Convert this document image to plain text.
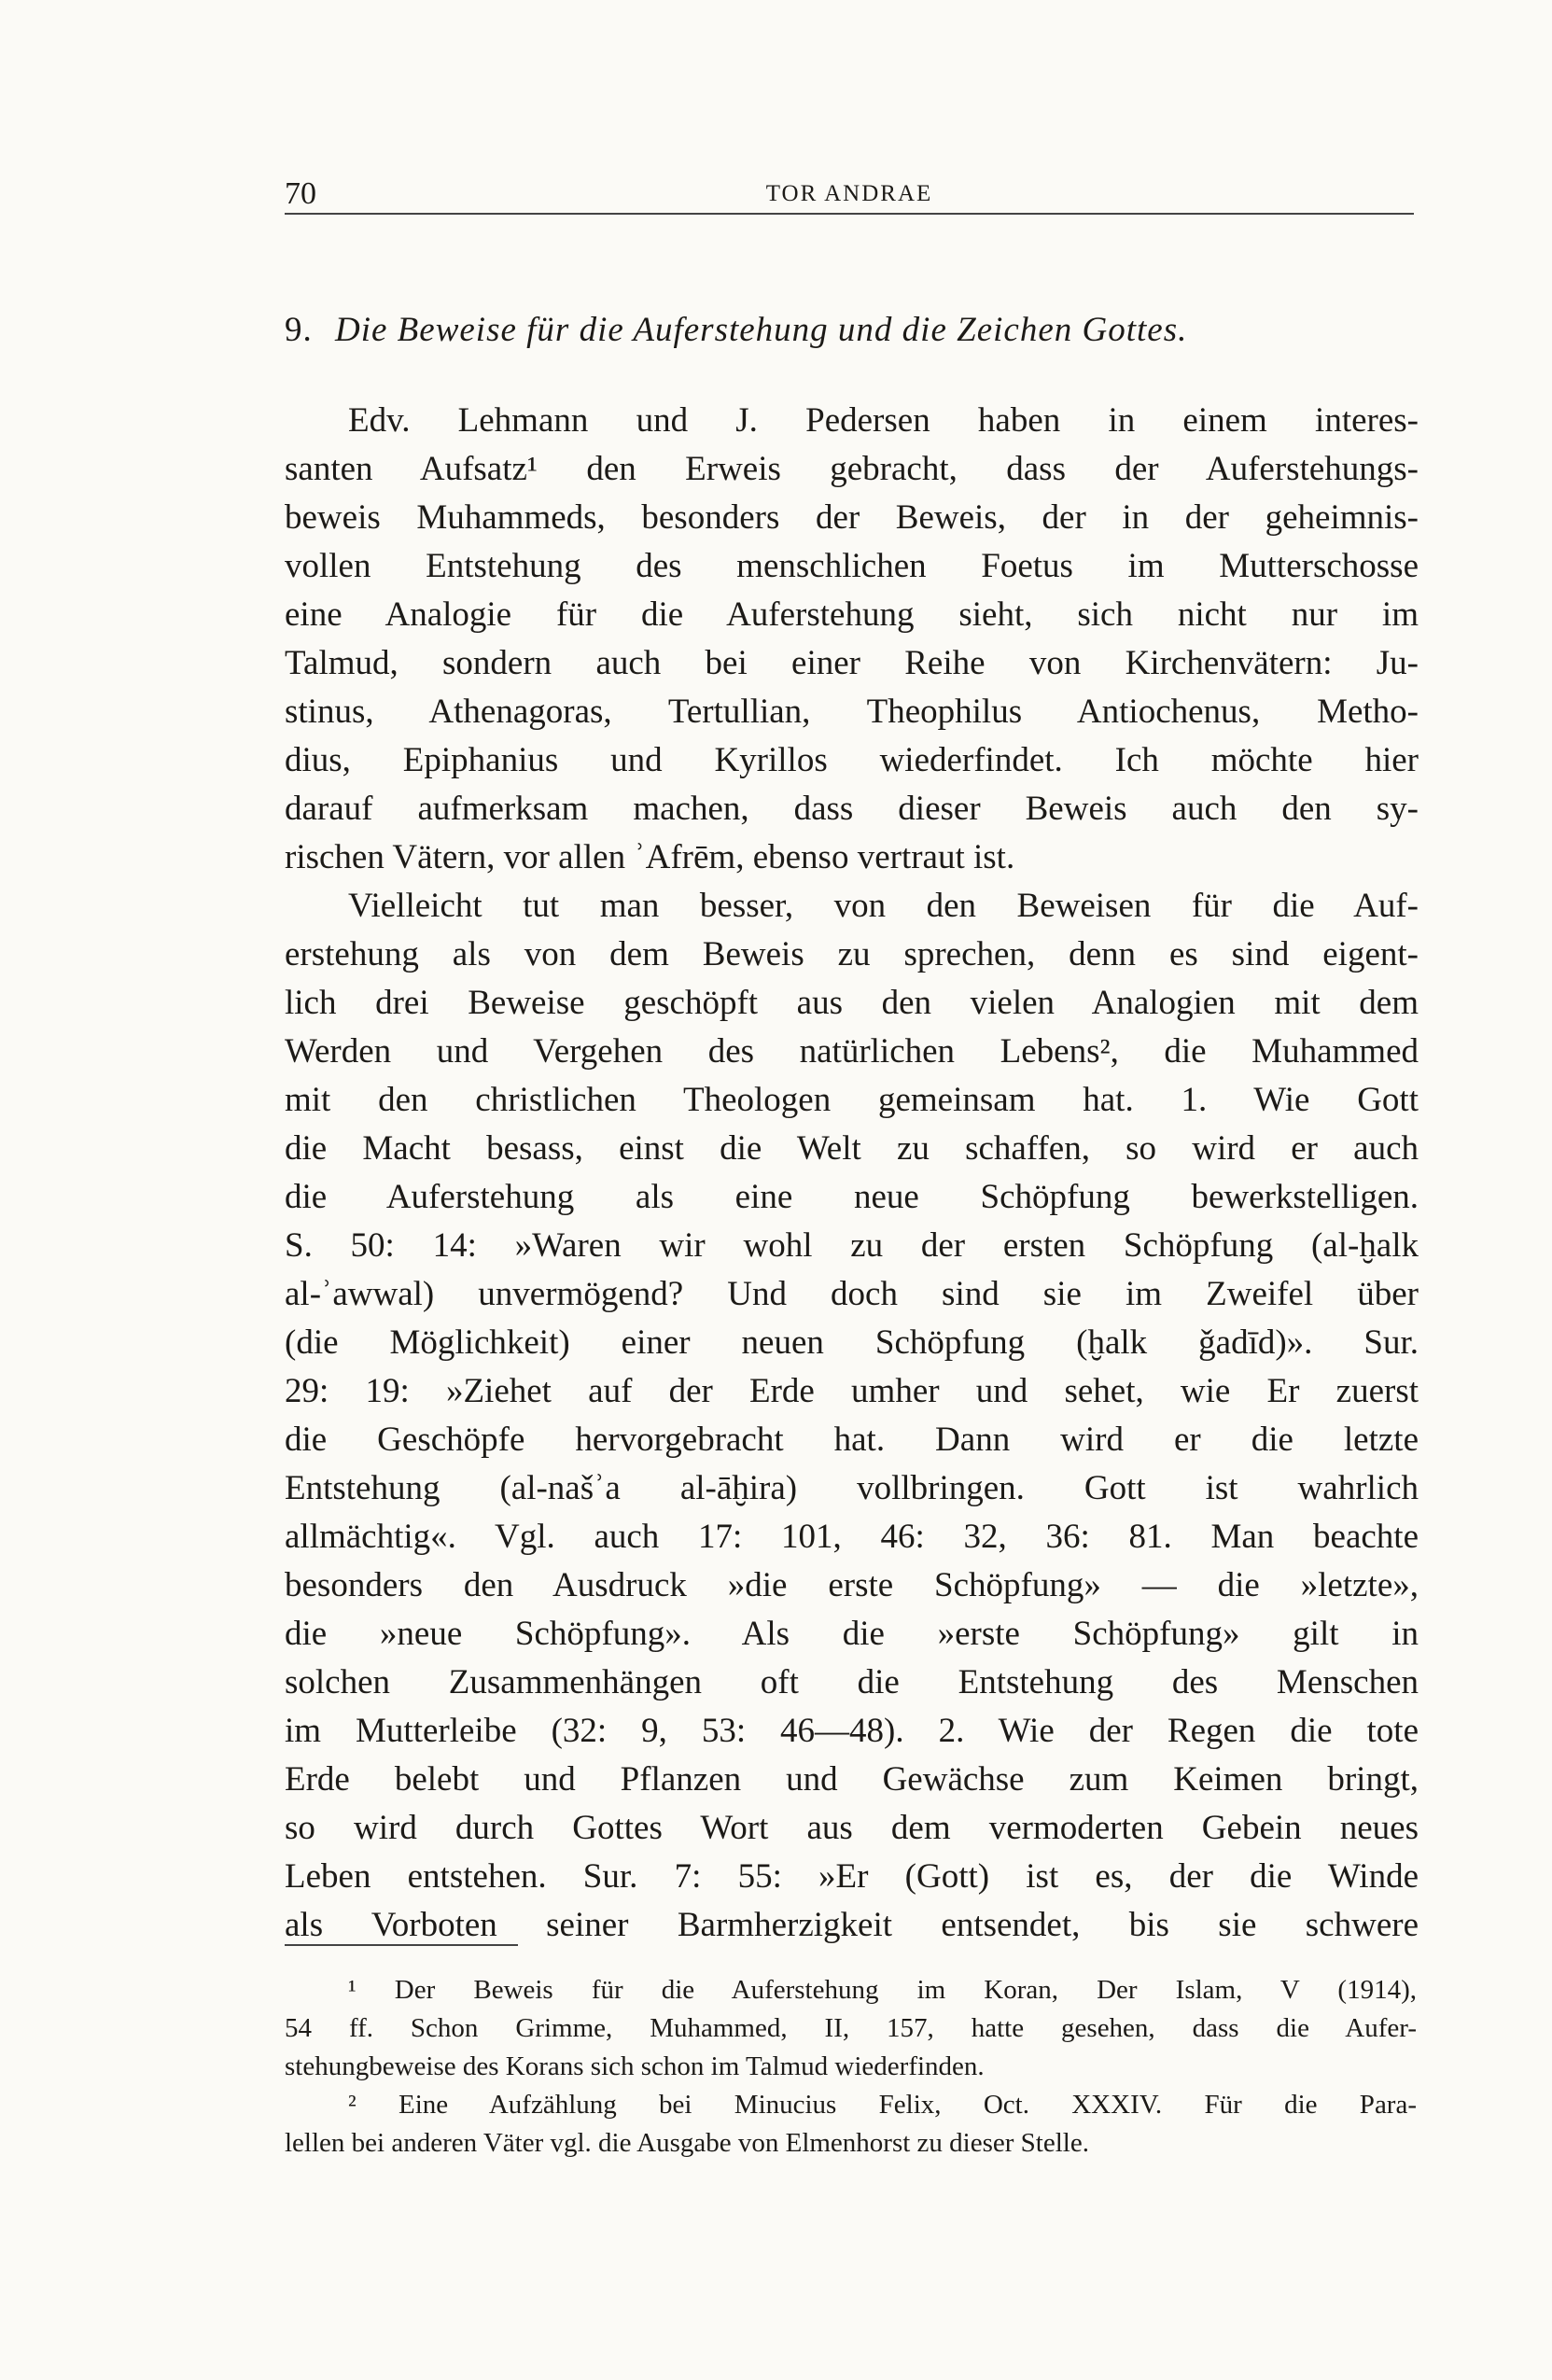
70	TOR ANDRAE
9. Die Beweise für die Auferstehung und die Zeichen Gottes.
Edv. Lehmann und J. Pedersen haben in einem interes-
santen Aufsatz¹ den Erweis gebracht, dass der Auferstehungs-
beweis Muhammeds, besonders der Beweis, der in der geheimnis-
vollen Entstehung des menschlichen Foetus im Mutterschosse
eine Analogie für die Auferstehung sieht, sich nicht nur im
Talmud, sondern auch bei einer Reihe von Kirchenvätern: Ju-
stinus, Athenagoras, Tertullian, Theophilus Antiochenus, Metho-
dius, Epiphanius und Kyrillos wiederfindet. Ich möchte hier
darauf aufmerksam machen, dass dieser Beweis auch den sy-
rischen Vätern, vor allen ʾAfrēm, ebenso vertraut ist.
Vielleicht tut man besser, von den Beweisen für die Auf-
erstehung als von dem Beweis zu sprechen, denn es sind eigent-
lich drei Beweise geschöpft aus den vielen Analogien mit dem
Werden und Vergehen des natürlichen Lebens², die Muhammed
mit den christlichen Theologen gemeinsam hat. 1. Wie Gott
die Macht besass, einst die Welt zu schaffen, so wird er auch
die Auferstehung als eine neue Schöpfung bewerkstelligen.
S. 50: 14: »Waren wir wohl zu der ersten Schöpfung (al-ḫalk
al-ʾawwal) unvermögend? Und doch sind sie im Zweifel über
(die Möglichkeit) einer neuen Schöpfung (ḫalk ǧadīd)». Sur.
29: 19: »Ziehet auf der Erde umher und sehet, wie Er zuerst
die Geschöpfe hervorgebracht hat. Dann wird er die letzte
Entstehung (al-našʾa al-āḫira) vollbringen. Gott ist wahrlich
allmächtig«. Vgl. auch 17: 101, 46: 32, 36: 81. Man beachte
besonders den Ausdruck »die erste Schöpfung» — die »letzte»,
die »neue Schöpfung». Als die »erste Schöpfung» gilt in
solchen Zusammenhängen oft die Entstehung des Menschen
im Mutterleibe (32: 9, 53: 46—48). 2. Wie der Regen die tote
Erde belebt und Pflanzen und Gewächse zum Keimen bringt,
so wird durch Gottes Wort aus dem vermoderten Gebein neues
Leben entstehen. Sur. 7: 55: »Er (Gott) ist es, der die Winde
als Vorboten seiner Barmherzigkeit entsendet, bis sie schwere
¹ Der Beweis für die Auferstehung im Koran, Der Islam, V (1914),
54 ff. Schon Grimme, Muhammed, II, 157, hatte gesehen, dass die Aufer-
stehungbeweise des Korans sich schon im Talmud wiederfinden.
² Eine Aufzählung bei Minucius Felix, Oct. XXXIV. Für die Para-
lellen bei anderen Väter vgl. die Ausgabe von Elmenhorst zu dieser Stelle.
